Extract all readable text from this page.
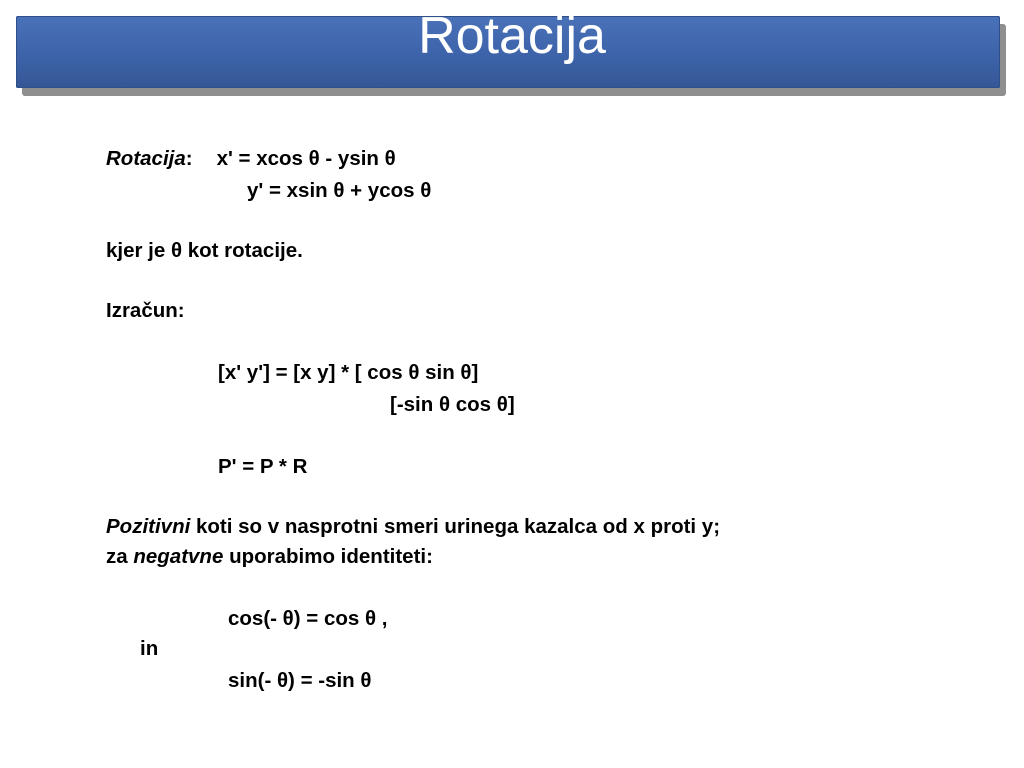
Rotacija
Rotacija: x' = xcos θ - ysin θ
y' = xsin θ + ycos θ
kjer je θ kot rotacije.
Izračun:
[x' y'] = [x y] * [ cos θ sin θ]
[-sin θ cos θ]
P' = P * R
Pozitivni koti so v nasprotni smeri urinega kazalca od x proti y;
za negatvne uporabimo identiteti:
cos(- θ) = cos θ ,
in
sin(- θ) = -sin θ
